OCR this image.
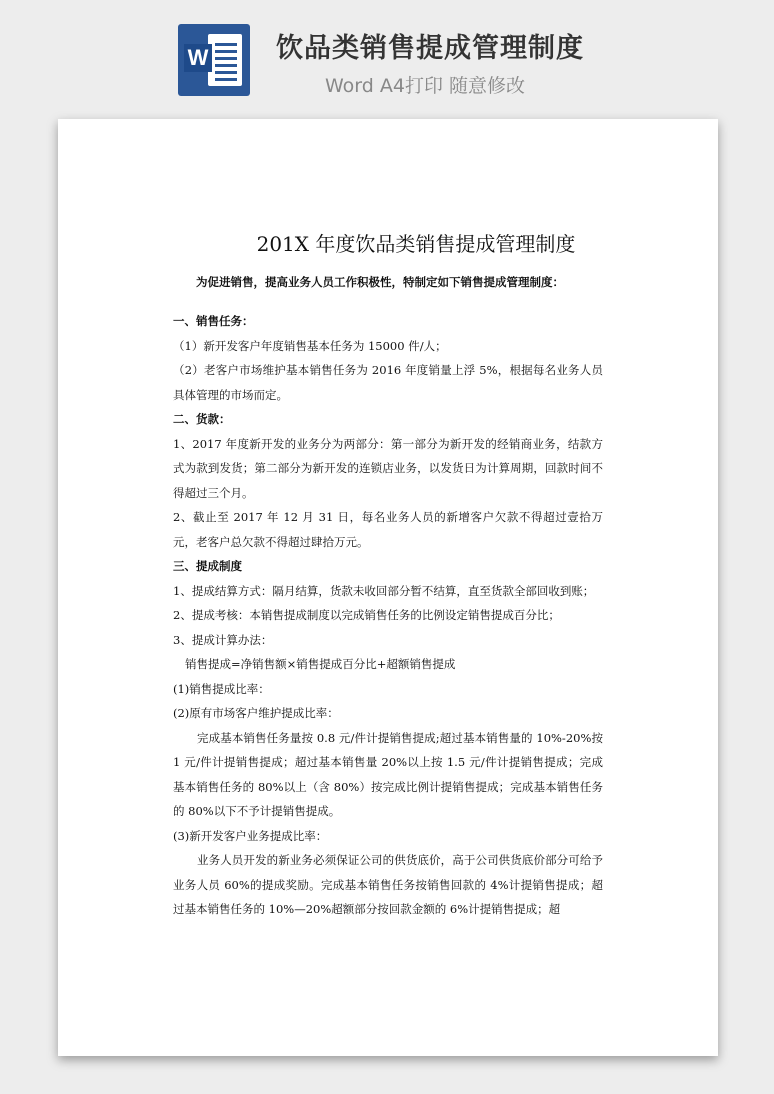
W	饮品类销售提成管理制度
Word A4打印 随意修改
201X 年度饮品类销售提成管理制度
为促进销售，提高业务人员工作积极性，特制定如下销售提成管理制度：

一、销售任务：

（1）新开发客户年度销售基本任务为 15000 件/人；

（2）老客户市场维护基本销售任务为 2016 年度销量上浮 5%，根据每名业务人员具体管理的市场而定。

二、货款：

1、2017 年度新开发的业务分为两部分：第一部分为新开发的经销商业务，结款方式为款到发货；第二部分为新开发的连锁店业务，以发货日为计算周期，回款时间不得超过三个月。

2、截止至 2017 年 12 月 31 日，每名业务人员的新增客户欠款不得超过壹拾万元，老客户总欠款不得超过肆拾万元。

三、提成制度

1、提成结算方式：隔月结算，货款未收回部分暂不结算，直至货款全部回收到账；

2、提成考核：本销售提成制度以完成销售任务的比例设定销售提成百分比；

3、提成计算办法：

销售提成=净销售额×销售提成百分比+超额销售提成

(1)销售提成比率：

(2)原有市场客户维护提成比率：

完成基本销售任务量按 0.8 元/件计提销售提成;超过基本销售量的 10%-20%按 1 元/件计提销售提成；超过基本销售量 20%以上按 1.5 元/件计提销售提成；完成基本销售任务的 80%以上（含 80%）按完成比例计提销售提成；完成基本销售任务的 80%以下不予计提销售提成。

(3)新开发客户业务提成比率：

业务人员开发的新业务必须保证公司的供货底价，高于公司供货底价部分可给予业务人员 60%的提成奖励。完成基本销售任务按销售回款的 4%计提销售提成；超过基本销售任务的 10%—20%超额部分按回款金额的 6%计提销售提成；超
